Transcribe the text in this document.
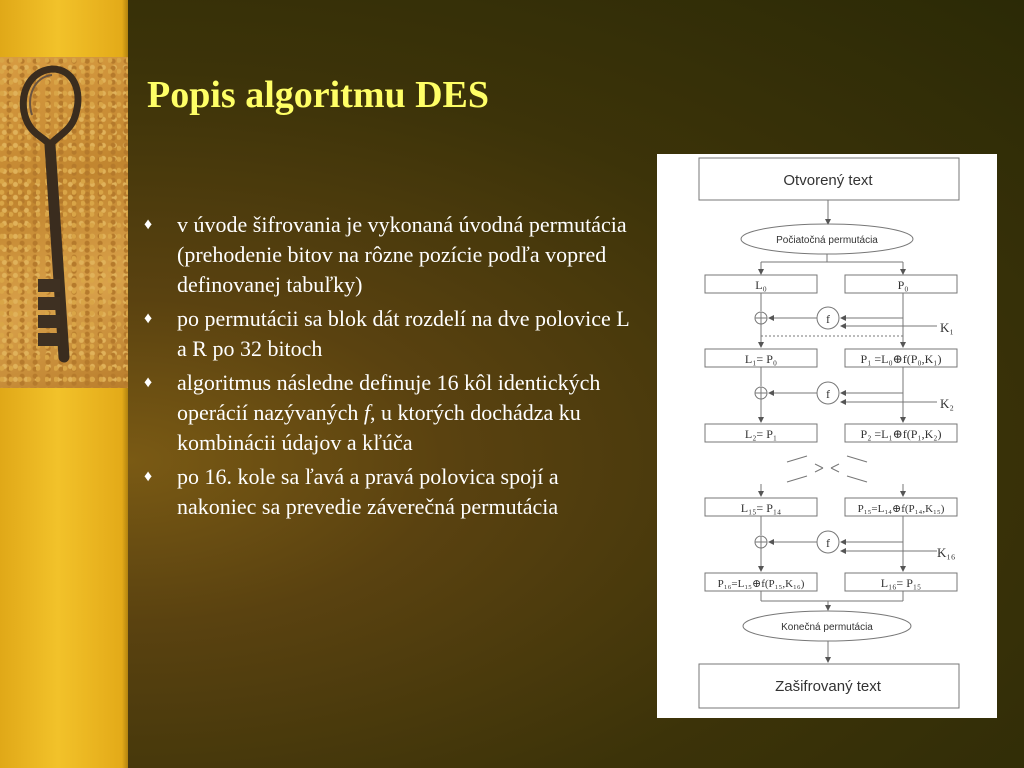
Popis algoritmu DES
♦ v úvode šifrovania je vykonaná úvodná permutácia (prehodenie bitov na rôzne pozície podľa vopred definovanej tabuľky)
♦ po permutácii sa blok dát rozdelí na dve polovice L a R po 32 bitoch
♦ algoritmus následne definuje 16 kôl identických operácií nazývaných f, u ktorých dochádza ku kombinácii údajov a kľúča
♦ po 16. kole sa ľavá a pravá polovica spojí a nakoniec sa prevedie záverečná permutácia
Otvorený text
Počiatočná permutácia
L₀	P₀
f
K₁
L₁= P₀	P₁ =L₀⊕f(P₀,K₁)
f
K₂
L₂= P₁	P₂ =L₁⊕f(P₁,K₂)
L₁₅= P₁₄	P₁₅=L₁₄⊕f(P₁₄,K₁₅)
f
K₁₆
P₁₆=L₁₅⊕f(P₁₅,K₁₆)	L₁₆= P₁₅
Konečná permutácia
Zašifrovaný text
